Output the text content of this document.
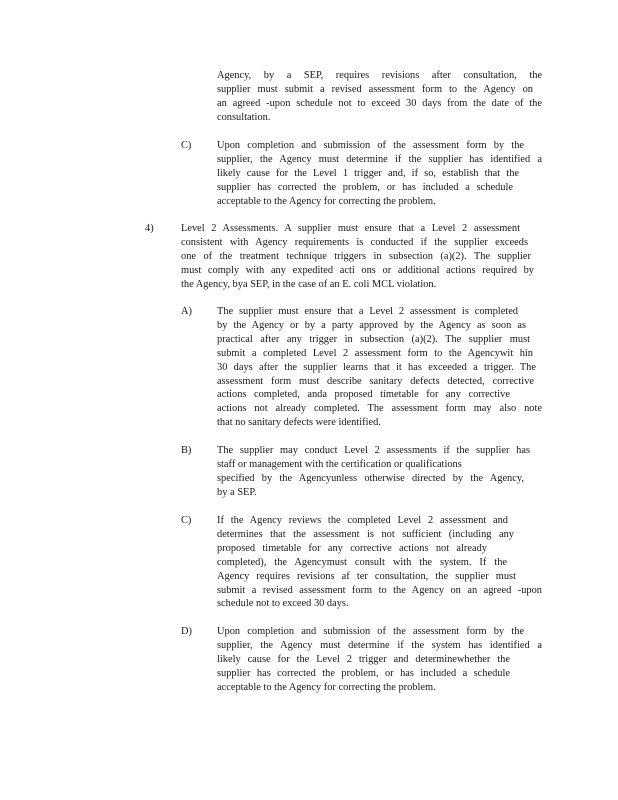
Agency, by a SEP, requires revisions after consultation, the
supplier must submit a revised assessment form to the Agency on
an agreed -upon schedule not to exceed 30 days from the date of the
consultation.
C) Upon completion and submission of the assessment form by the
supplier, the Agency must determine if the supplier has identified a
likely cause for the Level 1 trigger and, if so, establish that the
supplier has corrected the problem, or has included a schedule
acceptable to the Agency for correcting the problem.
4)	Level 2 Assessments. A supplier must ensure that a Level 2 assessment
consistent with Agency requirements is conducted if the supplier exceeds
one of the treatment technique triggers in subsection (a)(2). The supplier
must comply with any expedited acti ons or additional actions required by
the Agency, bya SEP, in the case of an E. coli MCL violation.
A) The supplier must ensure that a Level 2 assessment is completed
by the Agency or by a party approved by the Agency as soon as
practical after any trigger in subsection (a)(2). The supplier must
submit a completed Level 2 assessment form to the Agencywit hin
30 days after the supplier learns that it has exceeded a trigger. The
assessment form must describe sanitary defects detected, corrective
actions completed, anda proposed timetable for any corrective
actions not already completed. The assessment form may also note
that no sanitary defects were identified.
B) The supplier may conduct Level 2 assessments if the supplier has
staff or management with the certification or qualifications
specified by the Agencyunless otherwise directed by the Agency,
by a SEP.
C) If the Agency reviews the completed Level 2 assessment and
determines that the assessment is not sufficient (including any
proposed timetable for any corrective actions not already
completed), the Agencymust consult with the system. If the
Agency requires revisions af ter consultation, the supplier must
submit a revised assessment form to the Agency on an agreed -upon
schedule not to exceed 30 days.
D) Upon completion and submission of the assessment form by the
supplier, the Agency must determine if the system has identified a
likely cause for the Level 2 trigger and determinewhether the
supplier has corrected the problem, or has included a schedule
acceptable to the Agency for correcting the problem.
